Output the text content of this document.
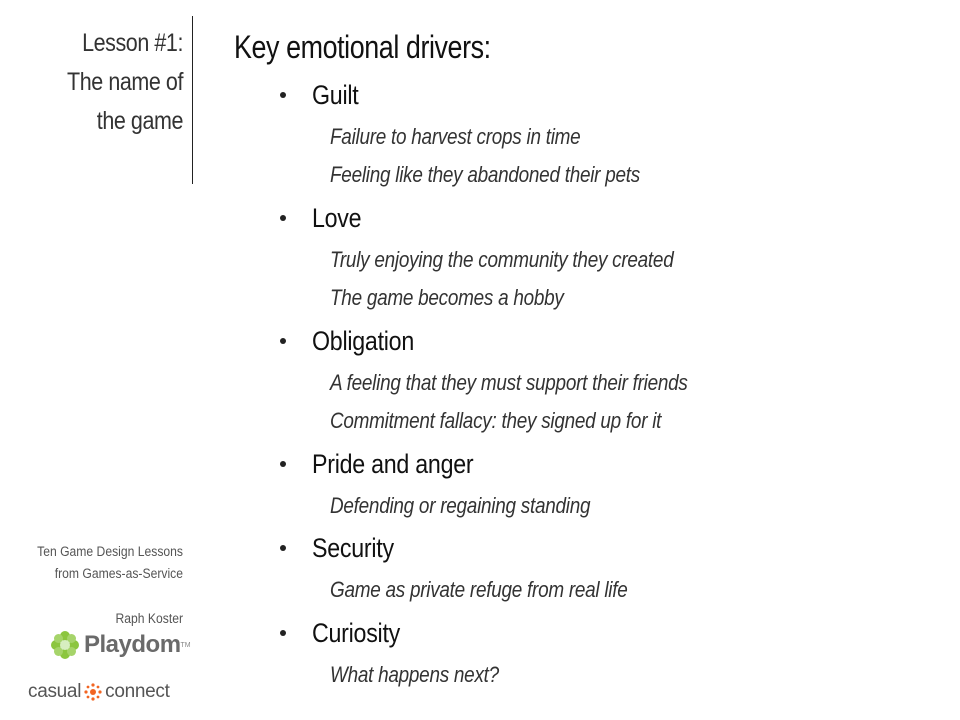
Lesson #1:
The name of
the game
Key emotional drivers:
Guilt
Failure to harvest crops in time
Feeling like they abandoned their pets
Love
Truly enjoying the community they created
The game becomes a hobby
Obligation
A feeling that they must support their friends
Commitment fallacy: they signed up for it
Pride and anger
Defending or regaining standing
Security
Game as private refuge from real life
Curiosity
What happens next?
Ten Game Design Lessons
from Games-as-Service
Raph Koster
Playdom TM
casual connect
